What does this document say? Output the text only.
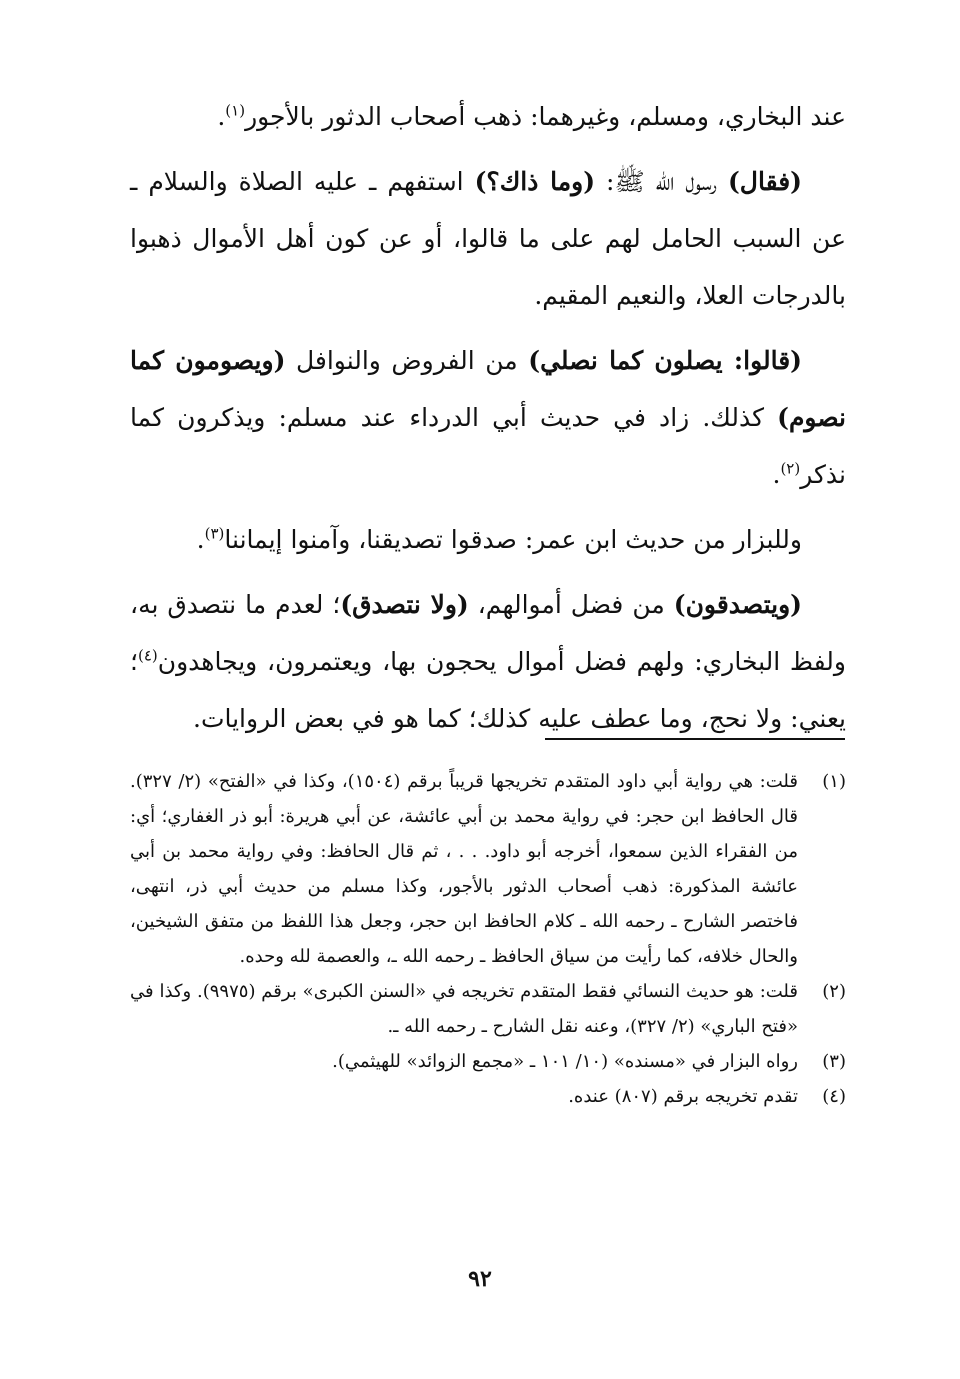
عند البخاري، ومسلم، وغيرهما: ذهب أصحاب الدثور بالأجور$^{(١)}$.

(فقال) رسول الله ﷺ: (وما ذاك؟) استفهم ـ عليه الصلاة والسلام ـ عن السبب الحامل لهم على ما قالوا، أو عن كون أهل الأموال ذهبوا بالدرجات العلا، والنعيم المقيم.

(قالوا: يصلون كما نصلي) من الفروض والنوافل (ويصومون كما نصوم) كذلك. زاد في حديث أبي الدرداء عند مسلم: ويذكرون كما نذكر$^{(٢)}$.

وللبزار من حديث ابن عمر: صدقوا تصديقنا، وآمنوا إيماننا$^{(٣)}$.

(ويتصدقون) من فضل أموالهم، (ولا نتصدق)؛ لعدم ما نتصدق به، ولفظ البخاري: ولهم فضل أموال يحجون بها، ويعتمرون، ويجاهدون$^{(٤)}$؛ يعني: ولا نحج، وما عطف عليه كذلك؛ كما هو في بعض الروايات.

(١)
قلت: هي رواية أبي داود المتقدم تخريجها قريباً برقم (١٥٠٤)، وكذا في «الفتح» (٢/ ٣٢٧). قال الحافظ ابن حجر: في رواية محمد بن أبي عائشة، عن أبي هريرة: أبو ذر الغفاري؛ أي: من الفقراء الذين سمعوا، أخرجه أبو داود. . . ، ثم قال الحافظ: وفي رواية محمد بن أبي عائشة المذكورة: ذهب أصحاب الدثور بالأجور، وكذا مسلم من حديث أبي ذر، انتهى، فاختصر الشارح ـ رحمه الله ـ كلام الحافظ ابن حجر، وجعل هذا اللفظ من متفق الشيخين، والحال خلافه، كما رأيت من سياق الحافظ ـ رحمه الله ـ، والعصمة لله وحده.
(٢)
قلت: هو حديث النسائي فقط المتقدم تخريجه في «السنن الكبرى» برقم (٩٩٧٥). وكذا في «فتح الباري» (٢/ ٣٢٧)، وعنه نقل الشارح ـ رحمه الله ـ.
(٣)
رواه البزار في «مسنده» (١٠/ ١٠١ ـ «مجمع الزوائد» للهيثمي).
(٤)
تقدم تخريجه برقم (٨٠٧) عنده.
٩٢
